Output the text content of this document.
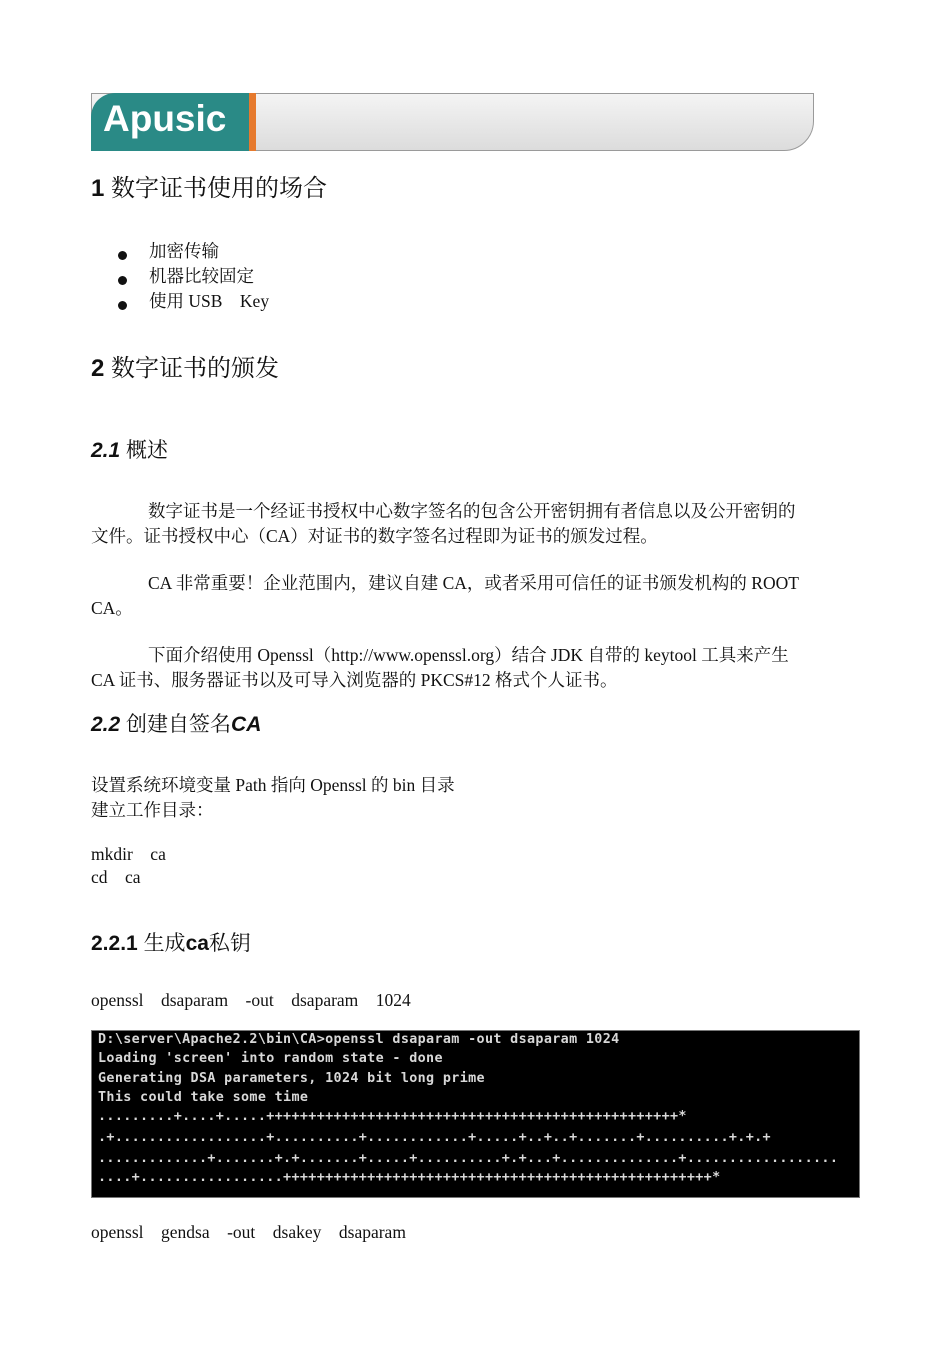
Apusic
1 数字证书使用的场合
加密传输
机器比较固定
使用 USB　Key
2 数字证书的颁发
2.1 概述
数字证书是一个经证书授权中心数字签名的包含公开密钥拥有者信息以及公开密钥的
文件。证书授权中心（CA）对证书的数字签名过程即为证书的颁发过程。
CA 非常重要！企业范围内，建议自建 CA，或者采用可信任的证书颁发机构的 ROOT
CA。
下面介绍使用 Openssl（http://www.openssl.org）结合 JDK 自带的 keytool 工具来产生
CA 证书、服务器证书以及可导入浏览器的 PKCS#12 格式个人证书。
2.2 创建自签名CA
设置系统环境变量 Path 指向 Openssl 的 bin 目录
建立工作目录：
mkdir　ca
cd　ca
2.2.1 生成ca私钥
openssl　dsaparam　-out　dsaparam　1024
D:\server\Apache2.2\bin\CA>openssl dsaparam -out dsaparam 1024
Loading 'screen' into random state - done
Generating DSA parameters, 1024 bit long prime
This could take some time
.........+....+.....+++++++++++++++++++++++++++++++++++++++++++++++++*
.+..................+..........+............+.....+..+..+.......+..........+.+.+
.............+.......+.+.......+.....+..........+.+...+..............+..................
....+.................+++++++++++++++++++++++++++++++++++++++++++++++++++*
openssl　gendsa　-out　dsakey　dsaparam
